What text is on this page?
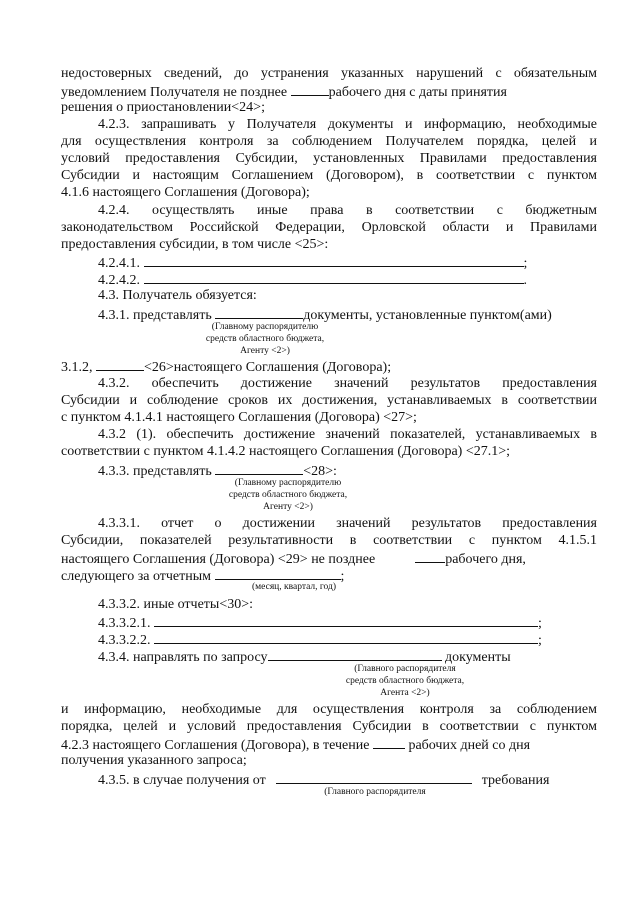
недостоверных сведений, до устранения указанных нарушений с обязательным
уведомлением Получателя не позднее	рабочего дня с даты принятия
решения о приостановлении<24>;
4.2.3. запрашивать у Получателя документы и информацию, необходимые
для осуществления контроля за соблюдением Получателем порядка, целей и
условий предоставления Субсидии, установленных Правилами предоставления
Субсидии и настоящим Соглашением (Договором), в соответствии с пунктом
4.1.6 настоящего Соглашения (Договора);
4.2.4. осуществлять иные права в соответствии с бюджетным
законодательством Российской Федерации, Орловской области и Правилами
предоставления субсидии, в том числе <25>:
4.2.4.1.	;
4.2.4.2.	.
4.3. Получатель обязуется:
4.3.1. представлять	документы, установленные пунктом(ами)
(Главному распорядителю
средств областного бюджета,
Агенту <2>)
3.1.2,	<26>настоящего Соглашения (Договора);
4.3.2. обеспечить достижение значений результатов предоставления
Субсидии и соблюдение сроков их достижения, устанавливаемых в соответствии
с пунктом 4.1.4.1 настоящего Соглашения (Договора) <27>;
4.3.2 (1). обеспечить достижение значений показателей, устанавливаемых в
соответствии с пунктом 4.1.4.2 настоящего Соглашения (Договора) <27.1>;
4.3.3. представлять	<28>:
(Главному распорядителю
средств областного бюджета,
Агенту <2>)
4.3.3.1. отчет о достижении значений результатов предоставления
Субсидии, показателей результативности в соответствии с пунктом 4.1.5.1
настоящего Соглашения (Договора) <29> не позднее	рабочего дня,
следующего за отчетным	;
(месяц, квартал, год)
4.3.3.2. иные отчеты<30>:
4.3.3.2.1.	;
4.3.3.2.2.	;
4.3.4. направлять по запросу	документы
(Главного распорядителя
средств областного бюджета,
Агента <2>)
и информацию, необходимые для осуществления контроля за соблюдением
порядка, целей и условий предоставления Субсидии в соответствии с пунктом
4.2.3 настоящего Соглашения (Договора), в течение	рабочих дней со дня
получения указанного запроса;
4.3.5. в случае получения от	требования
(Главного распорядителя
